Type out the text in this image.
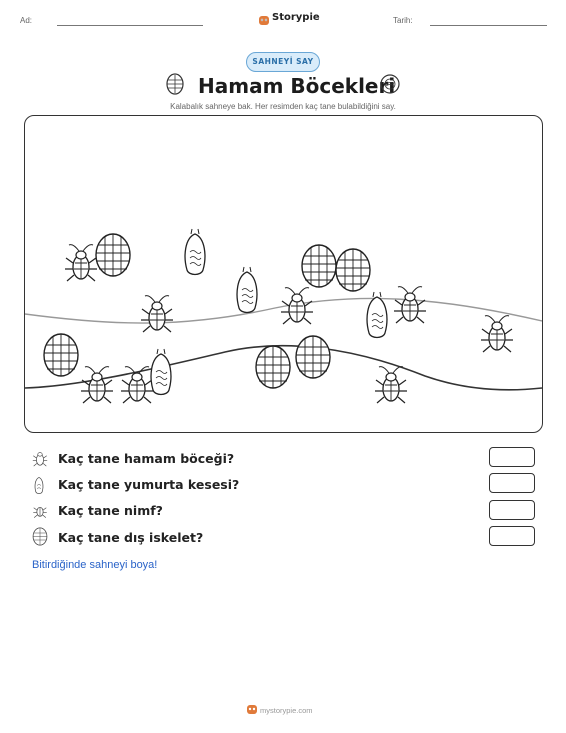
Ad:	Storypie	Tarih:
SAHNEYİ SAY
Hamam Böcekleri
Kalabalık sahneye bak. Her resimden kaç tane bulabildiğini say.
Kaç tane hamam böceği?
Kaç tane yumurta kesesi?
Kaç tane nimf?
Kaç tane dış iskelet?
Bitirdiğinde sahneyi boya!
mystorypie.com
